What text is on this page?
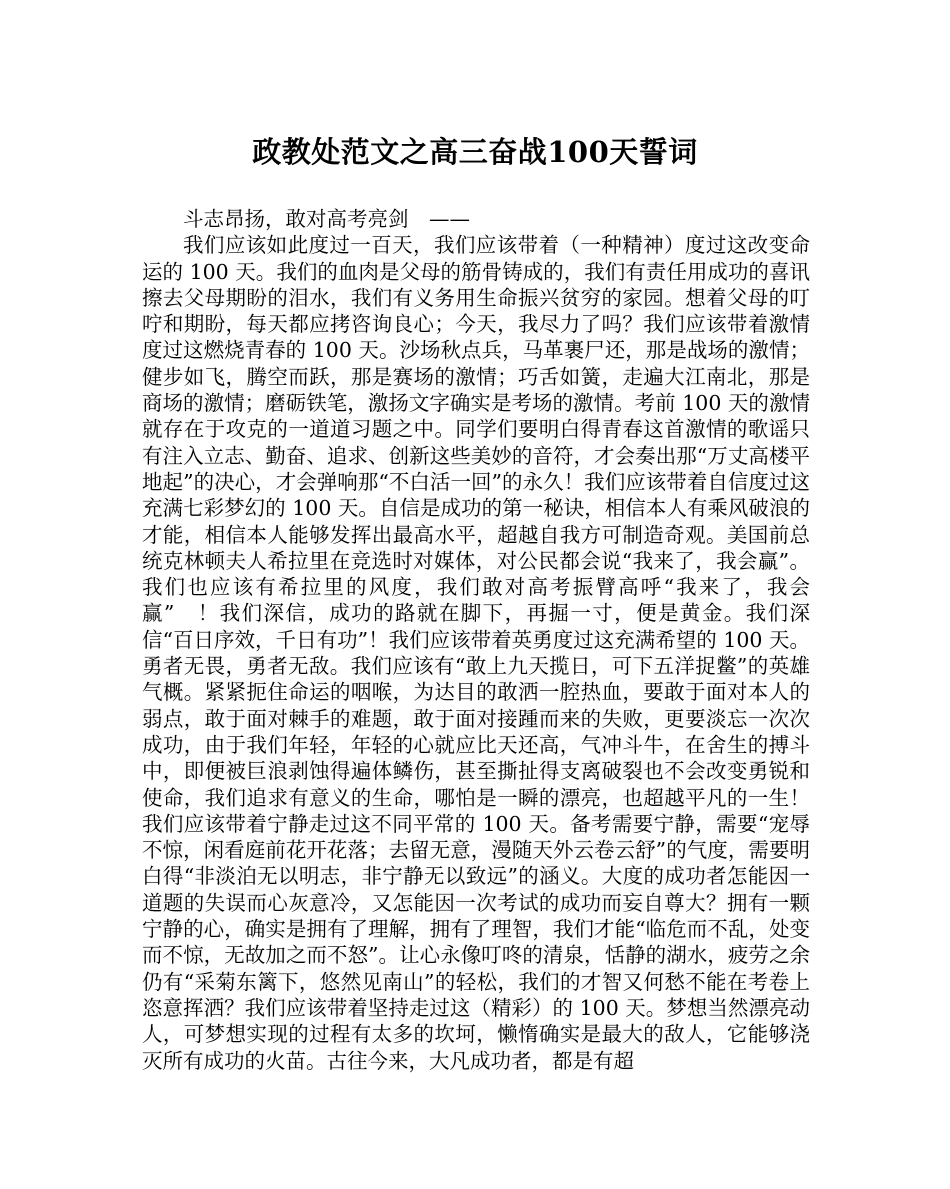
政教处范文之高三奋战100天誓词

斗志昂扬，敢对高考亮剑　——

我们应该如此度过一百天，我们应该带着（一种精神）度过这改变命运的 100 天。我们的血肉是父母的筋骨铸成的，我们有责任用成功的喜讯擦去父母期盼的泪水，我们有义务用生命振兴贫穷的家园。想着父母的叮咛和期盼，每天都应拷咨询良心；今天，我尽力了吗？我们应该带着激情度过这燃烧青春的 100 天。沙场秋点兵，马革裹尸还，那是战场的激情；健步如飞，腾空而跃，那是赛场的激情；巧舌如簧，走遍大江南北，那是商场的激情；磨砺铁笔，激扬文字确实是考场的激情。考前 100 天的激情就存在于攻克的一道道习题之中。同学们要明白得青春这首激情的歌谣只有注入立志、勤奋、追求、创新这些美妙的音符，才会奏出那“万丈高楼平地起”的决心，才会弹响那“不白活一回”的永久！我们应该带着自信度过这充满七彩梦幻的 100 天。自信是成功的第一秘诀，相信本人有乘风破浪的才能，相信本人能够发挥出最高水平，超越自我方可制造奇观。美国前总统克林顿夫人希拉里在竞选时对媒体，对公民都会说“我来了，我会赢”。我们也应该有希拉里的风度，我们敢对高考振臂高呼“我来了，我会赢”　！我们深信，成功的路就在脚下，再掘一寸，便是黄金。我们深信“百日序效，千日有功”！我们应该带着英勇度过这充满希望的 100 天。勇者无畏，勇者无敌。我们应该有“敢上九天揽日，可下五洋捉鳖”的英雄气概。紧紧扼住命运的咽喉，为达目的敢洒一腔热血，要敢于面对本人的弱点，敢于面对棘手的难题，敢于面对接踵而来的失败，更要淡忘一次次成功，由于我们年轻，年轻的心就应比天还高，气冲斗牛，在舍生的搏斗中，即便被巨浪剥蚀得遍体鳞伤，甚至撕扯得支离破裂也不会改变勇锐和使命，我们追求有意义的生命，哪怕是一瞬的漂亮，也超越平凡的一生！我们应该带着宁静走过这不同平常的 100 天。备考需要宁静，需要“宠辱不惊，闲看庭前花开花落；去留无意，漫随天外云卷云舒”的气度，需要明白得“非淡泊无以明志，非宁静无以致远”的涵义。大度的成功者怎能因一道题的失误而心灰意冷，又怎能因一次考试的成功而妄自尊大？拥有一颗宁静的心，确实是拥有了理解，拥有了理智，我们才能“临危而不乱，处变而不惊，无故加之而不怒”。让心永像叮咚的清泉，恬静的湖水，疲劳之余仍有“采菊东篱下，悠然见南山”的轻松，我们的才智又何愁不能在考卷上恣意挥洒？我们应该带着坚持走过这（精彩）的 100 天。梦想当然漂亮动人，可梦想实现的过程有太多的坎坷，懒惰确实是最大的敌人，它能够浇灭所有成功的火苗。古往今来，大凡成功者，都是有超
